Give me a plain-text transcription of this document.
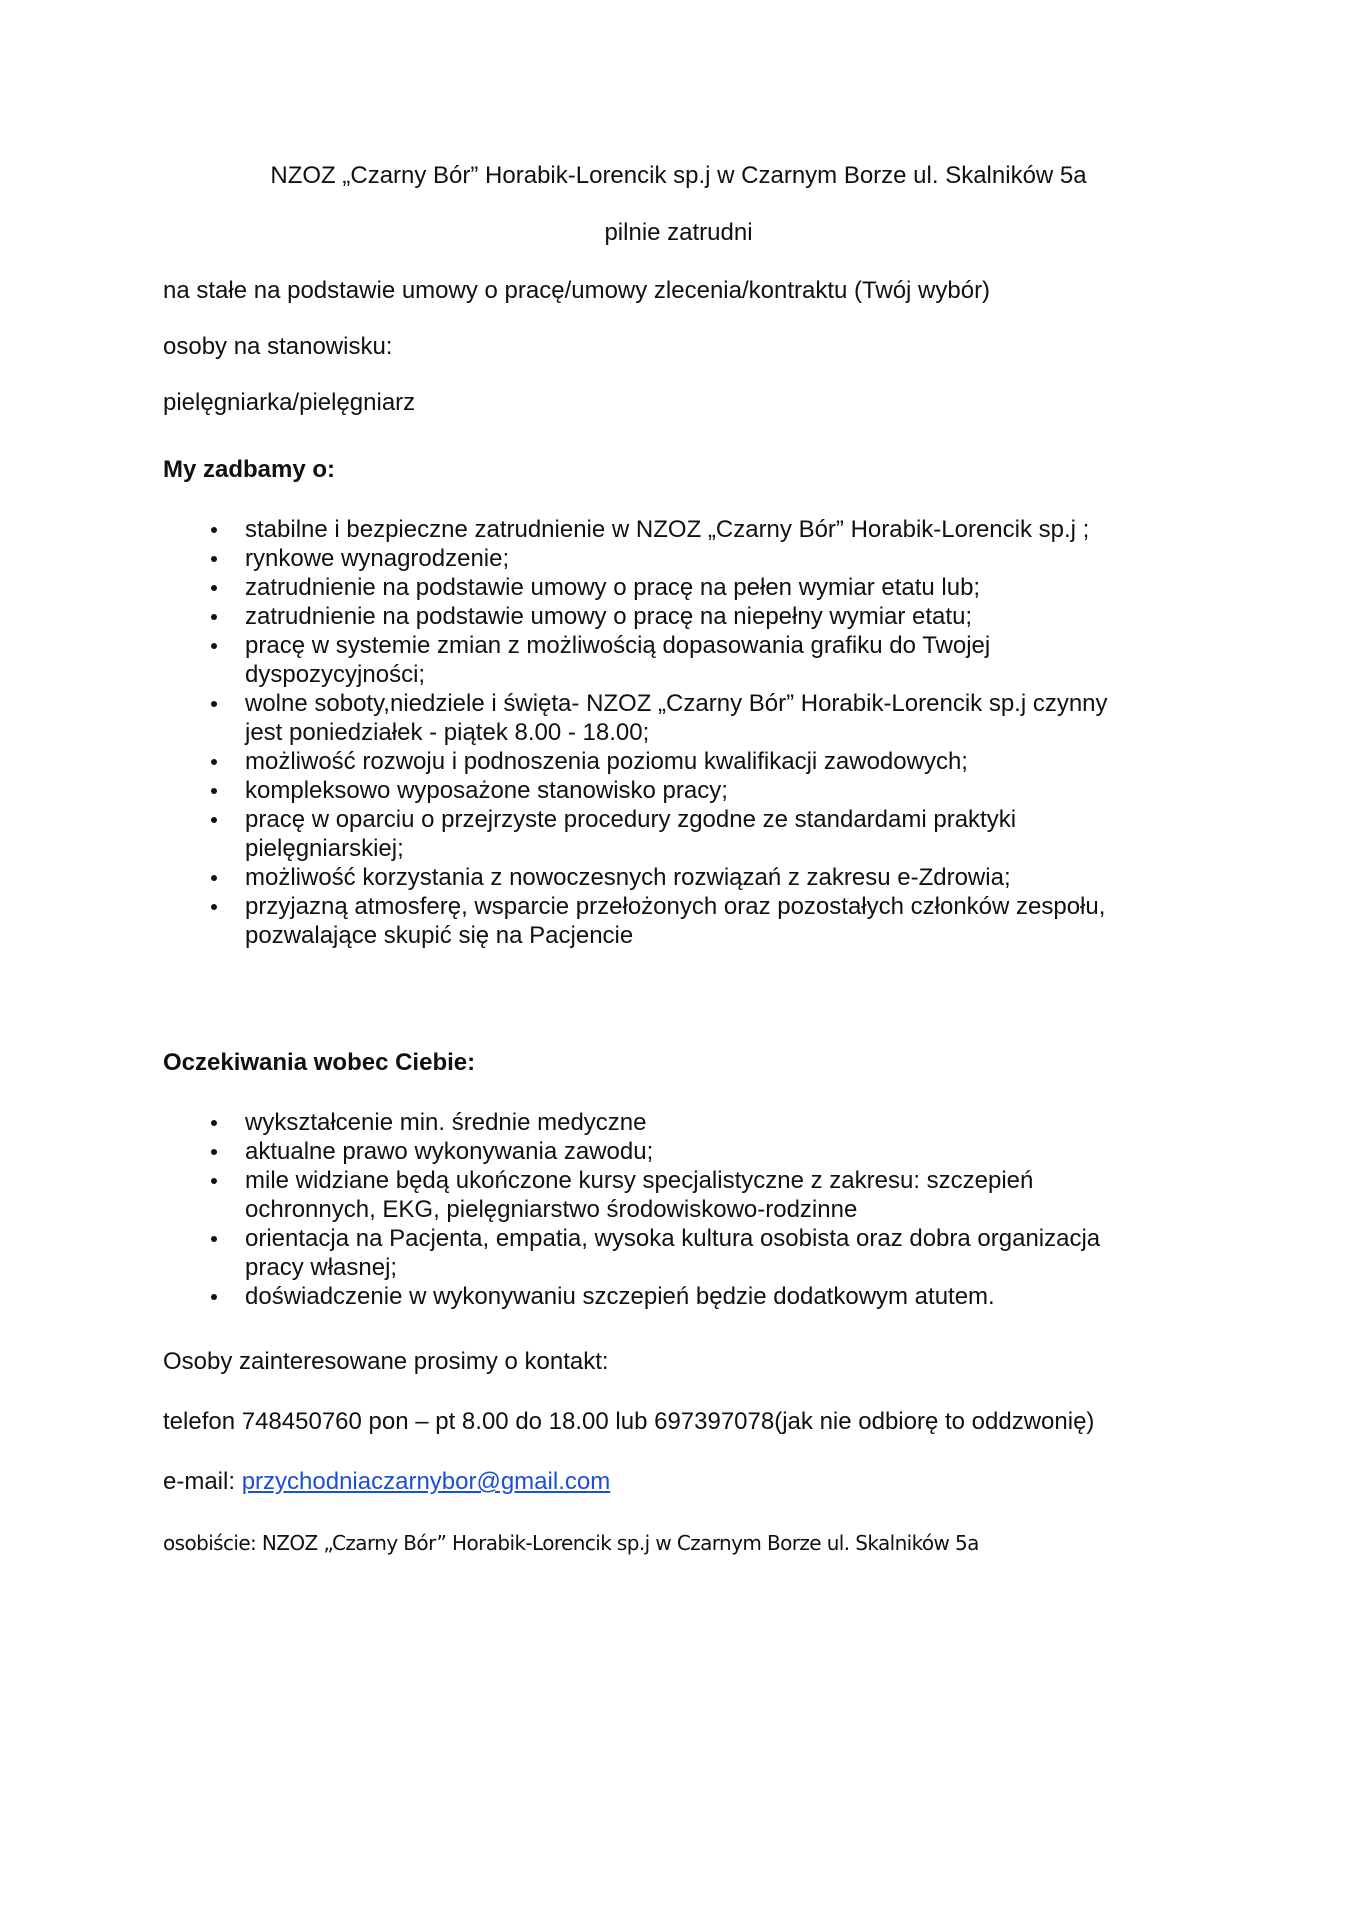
NZOZ „Czarny Bór” Horabik-Lorencik sp.j w Czarnym Borze ul. Skalników 5a

pilnie zatrudni

na stałe na podstawie umowy o pracę/umowy zlecenia/kontraktu (Twój wybór)

osoby na stanowisku:

pielęgniarka/pielęgniarz

My zadbamy o:

stabilne i bezpieczne zatrudnienie w NZOZ „Czarny Bór” Horabik-Lorencik sp.j ;
rynkowe wynagrodzenie;
zatrudnienie na podstawie umowy o pracę na pełen wymiar etatu lub;
zatrudnienie na podstawie umowy o pracę na niepełny wymiar etatu;
pracę w systemie zmian z możliwością dopasowania grafiku do Twojej dyspozycyjności;
wolne soboty,niedziele i święta- NZOZ „Czarny Bór” Horabik-Lorencik sp.j czynny jest poniedziałek - piątek 8.00 - 18.00;
możliwość rozwoju i podnoszenia poziomu kwalifikacji zawodowych;
kompleksowo wyposażone stanowisko pracy;
pracę w oparciu o przejrzyste procedury zgodne ze standardami praktyki pielęgniarskiej;
możliwość korzystania z nowoczesnych rozwiązań z zakresu e-Zdrowia;
przyjazną atmosferę, wsparcie przełożonych oraz pozostałych członków zespołu, pozwalające skupić się na Pacjencie

Oczekiwania wobec Ciebie:

wykształcenie min. średnie medyczne
aktualne prawo wykonywania zawodu;
mile widziane będą ukończone kursy specjalistyczne z zakresu: szczepień ochronnych, EKG, pielęgniarstwo środowiskowo-rodzinne
orientacja na Pacjenta, empatia, wysoka kultura osobista oraz dobra organizacja pracy własnej;
doświadczenie w wykonywaniu szczepień będzie dodatkowym atutem.

Osoby zainteresowane prosimy o kontakt:

telefon 748450760 pon – pt 8.00 do 18.00 lub 697397078(jak nie odbiorę to oddzwonię)

e-mail: przychodniaczarnybor@gmail.com

osobiście: NZOZ „Czarny Bór” Horabik-Lorencik sp.j w Czarnym Borze ul. Skalników 5a
